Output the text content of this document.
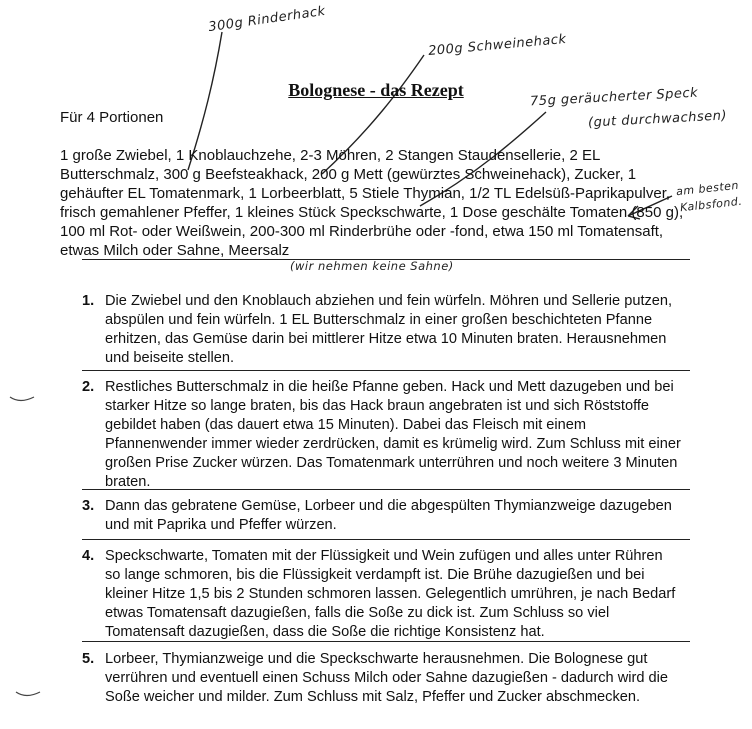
300g Rinderhack
200g Schweinehack
75g geräucherter Speck
(gut durchwachsen)
am besten
Kalbsfond.
Bolognese - das Rezept
Für 4 Portionen
1 große Zwiebel, 1 Knoblauchzehe, 2-3 Möhren, 2 Stangen Staudensellerie, 2 EL Butterschmalz, 300 g Beefsteakhack, 200 g Mett (gewürztes Schweinehack), Zucker, 1 gehäufter EL Tomatenmark, 1 Lorbeerblatt, 5 Stiele Thymian, 1/2 TL Edelsüß-Paprikapulver, frisch gemahlener Pfeffer, 1 kleines Stück Speckschwarte, 1 Dose geschälte Tomaten (850 g), 100 ml Rot- oder Weißwein, 200-300 ml Rinderbrühe oder -fond, etwa 150 ml Tomatensaft, etwas Milch oder Sahne, Meersalz
(wir nehmen keine Sahne)
1. Die Zwiebel und den Knoblauch abziehen und fein würfeln. Möhren und Sellerie putzen, abspülen und fein würfeln. 1 EL Butterschmalz in einer großen beschichteten Pfanne erhitzen, das Gemüse darin bei mittlerer Hitze etwa 10 Minuten braten. Herausnehmen und beiseite stellen.
2. Restliches Butterschmalz in die heiße Pfanne geben. Hack und Mett dazugeben und bei starker Hitze so lange braten, bis das Hack braun angebraten ist und sich Röststoffe gebildet haben (das dauert etwa 15 Minuten). Dabei das Fleisch mit einem Pfannenwender immer wieder zerdrücken, damit es krümelig wird. Zum Schluss mit einer großen Prise Zucker würzen. Das Tomatenmark unterrühren und noch weitere 3 Minuten braten.
3. Dann das gebratene Gemüse, Lorbeer und die abgespülten Thymianzweige dazugeben und mit Paprika und Pfeffer würzen.
4. Speckschwarte, Tomaten mit der Flüssigkeit und Wein zufügen und alles unter Rühren so lange schmoren, bis die Flüssigkeit verdampft ist. Die Brühe dazugießen und bei kleiner Hitze 1,5 bis 2 Stunden schmoren lassen. Gelegentlich umrühren, je nach Bedarf etwas Tomatensaft dazugießen, falls die Soße zu dick ist. Zum Schluss so viel Tomatensaft dazugießen, dass die Soße die richtige Konsistenz hat.
5. Lorbeer, Thymianzweige und die Speckschwarte herausnehmen. Die Bolognese gut verrühren und eventuell einen Schuss Milch oder Sahne dazugießen - dadurch wird die Soße weicher und milder. Zum Schluss mit Salz, Pfeffer und Zucker abschmecken.
